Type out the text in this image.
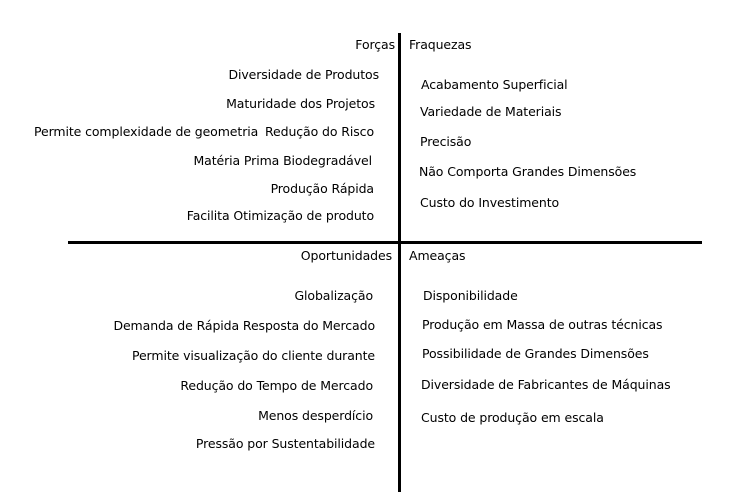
Forças
Diversidade de Produtos
Maturidade dos Projetos
Redução do Risco
Permite complexidade de geometria
Matéria Prima Biodegradável
Produção Rápida
Facilita Otimização de produto
Fraquezas
Acabamento Superficial
Variedade de Materiais
Precisão
Não Comporta Grandes Dimensões
Custo do Investimento
Oportunidades
Globalização
Demanda de Rápida Resposta do Mercado
Permite visualização do cliente durante
Redução do Tempo de Mercado
Menos desperdício
Pressão por Sustentabilidade
Ameaças
Disponibilidade
Produção em Massa de outras técnicas
Possibilidade de Grandes Dimensões
Diversidade de Fabricantes de Máquinas
Custo de produção em escala
